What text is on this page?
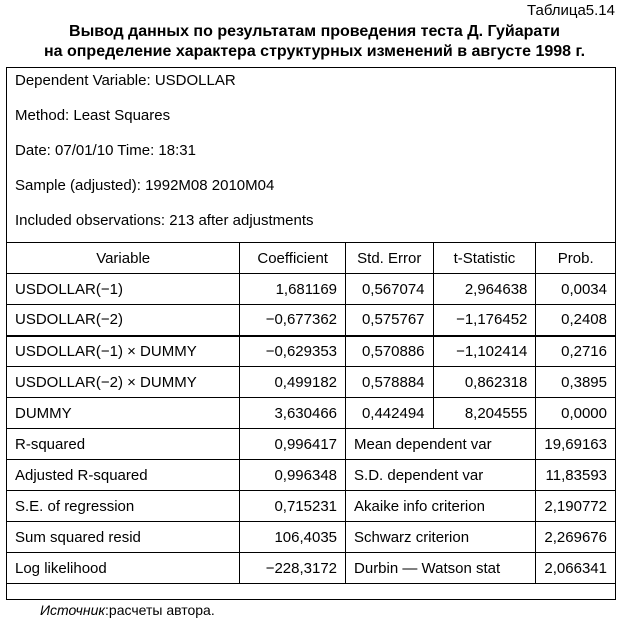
Таблица5.14
Вывод данных по результатам проведения теста Д. Гуйарати
на определение характера структурных изменений в августе 1998 г.
Dependent Variable: USDOLLAR
Method: Least Squares
Date: 07/01/10 Time: 18:31
Sample (adjusted): 1992M08 2010M04
Included observations: 213 after adjustments
Variable	Coefficient	Std. Error	t-Statistic	Prob.
USDOLLAR(−1)	1,681169	0,567074	2,964638	0,0034
USDOLLAR(−2)	−0,677362	0,575767	−1,176452	0,2408
USDOLLAR(−1) × DUMMY	−0,629353	0,570886	−1,102414	0,2716
USDOLLAR(−2) × DUMMY	0,499182	0,578884	0,862318	0,3895
DUMMY	3,630466	0,442494	8,204555	0,0000
R-squared	0,996417	Mean dependent var		19,69163
Adjusted R-squared	0,996348	S.D. dependent var		11,83593
S.E. of regression	0,715231	Akaike info criterion		2,190772
Sum squared resid	106,4035	Schwarz criterion		2,269676
Log likelihood	−228,3172	Durbin — Watson stat		2,066341
Источник:расчеты автора.
